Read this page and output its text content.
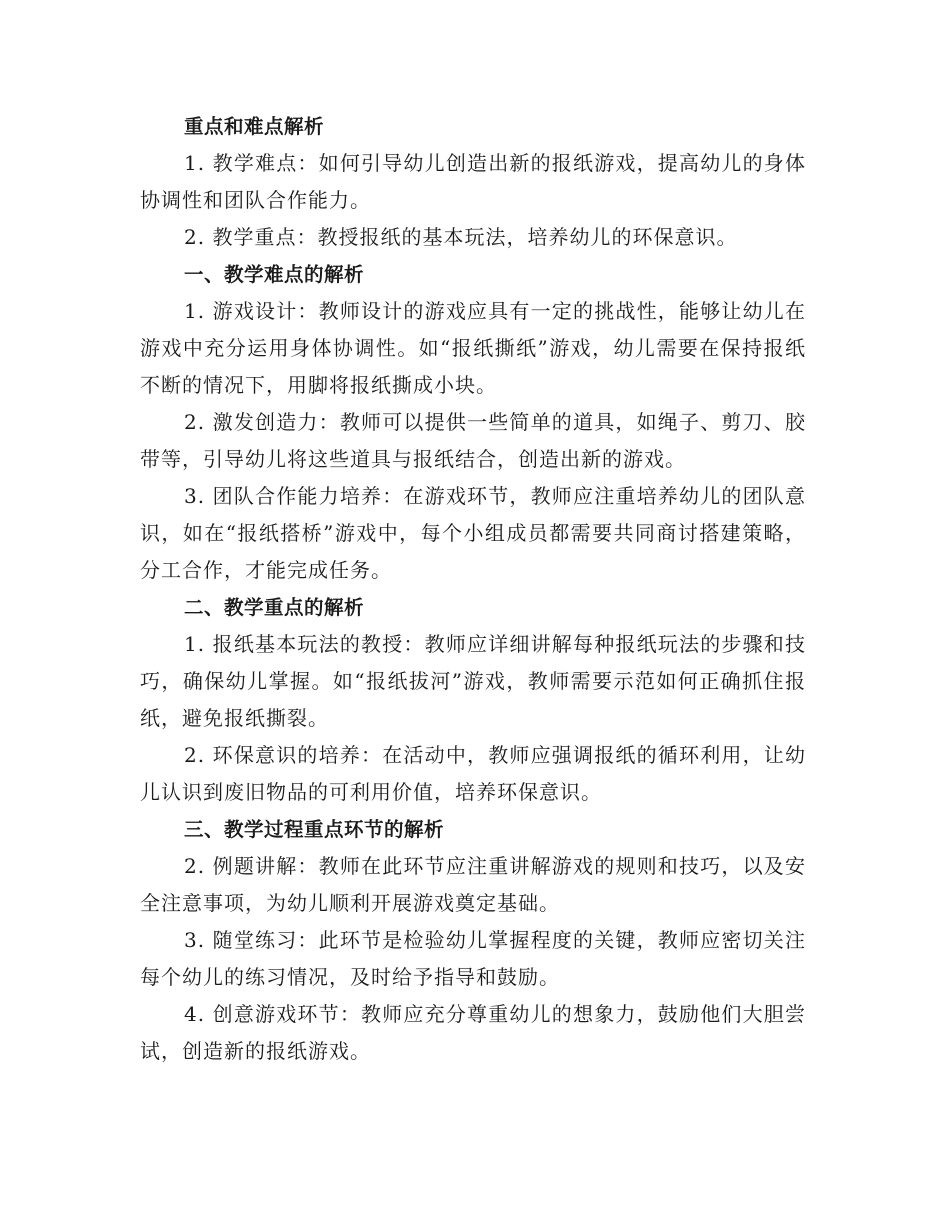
重点和难点解析

1. 教学难点：如何引导幼儿创造出新的报纸游戏，提高幼儿的身体协调性和团队合作能力。

2. 教学重点：教授报纸的基本玩法，培养幼儿的环保意识。

一、教学难点的解析

1. 游戏设计：教师设计的游戏应具有一定的挑战性，能够让幼儿在游戏中充分运用身体协调性。如“报纸撕纸”游戏，幼儿需要在保持报纸不断的情况下，用脚将报纸撕成小块。

2. 激发创造力：教师可以提供一些简单的道具，如绳子、剪刀、胶带等，引导幼儿将这些道具与报纸结合，创造出新的游戏。

3. 团队合作能力培养：在游戏环节，教师应注重培养幼儿的团队意识，如在“报纸搭桥”游戏中，每个小组成员都需要共同商讨搭建策略，分工合作，才能完成任务。

二、教学重点的解析

1. 报纸基本玩法的教授：教师应详细讲解每种报纸玩法的步骤和技巧，确保幼儿掌握。如“报纸拔河”游戏，教师需要示范如何正确抓住报纸，避免报纸撕裂。

2. 环保意识的培养：在活动中，教师应强调报纸的循环利用，让幼儿认识到废旧物品的可利用价值，培养环保意识。

三、教学过程重点环节的解析

2. 例题讲解：教师在此环节应注重讲解游戏的规则和技巧，以及安全注意事项，为幼儿顺利开展游戏奠定基础。

3. 随堂练习：此环节是检验幼儿掌握程度的关键，教师应密切关注每个幼儿的练习情况，及时给予指导和鼓励。

4. 创意游戏环节：教师应充分尊重幼儿的想象力，鼓励他们大胆尝试，创造新的报纸游戏。
